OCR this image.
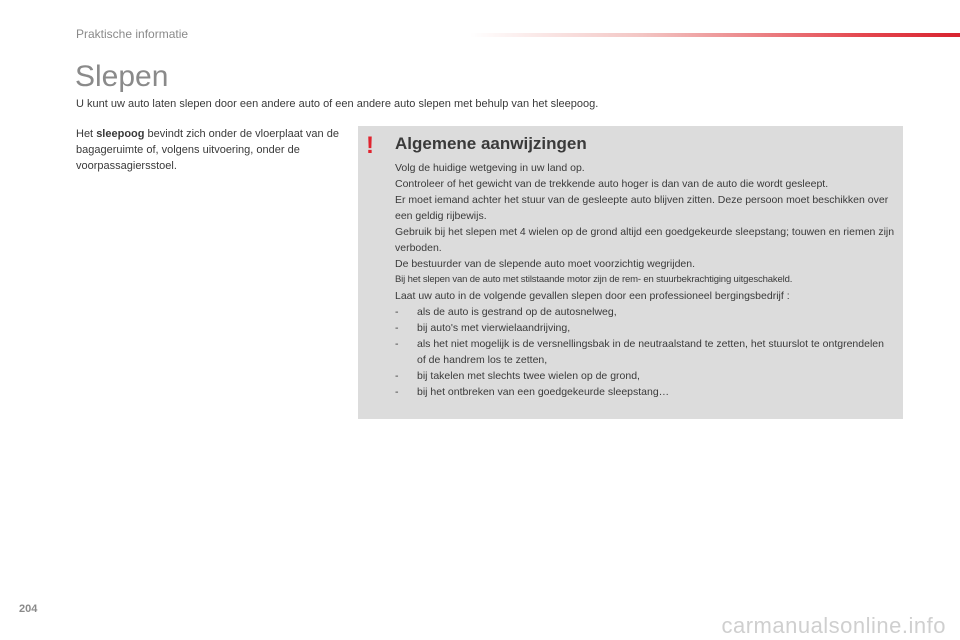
Praktische informatie
Slepen

U kunt uw auto laten slepen door een andere auto of een andere auto slepen met behulp van het sleepoog.

Het sleepoog bevindt zich onder de vloerplaat van de bagageruimte of, volgens uitvoering, onder de voorpassagiersstoel.

! Algemene aanwijzingen

Volg de huidige wetgeving in uw land op.

Controleer of het gewicht van de trekkende auto hoger is dan van de auto die wordt gesleept.

Er moet iemand achter het stuur van de gesleepte auto blijven zitten. Deze persoon moet beschikken over een geldig rijbewijs.

Gebruik bij het slepen met 4 wielen op de grond altijd een goedgekeurde sleepstang; touwen en riemen zijn verboden.

De bestuurder van de slepende auto moet voorzichtig wegrijden.

Bij het slepen van de auto met stilstaande motor zijn de rem- en stuurbekrachtiging uitgeschakeld.

Laat uw auto in de volgende gevallen slepen door een professioneel bergingsbedrijf :

- als de auto is gestrand op de autosnelweg,
- bij auto's met vierwielaandrijving,
- als het niet mogelijk is de versnellingsbak in de neutraalstand te zetten, het stuurslot te ontgrendelen of de handrem los te zetten,
- bij takelen met slechts twee wielen op de grond,
- bij het ontbreken van een goedgekeurde sleepstang…
204
carmanualsonline.info
